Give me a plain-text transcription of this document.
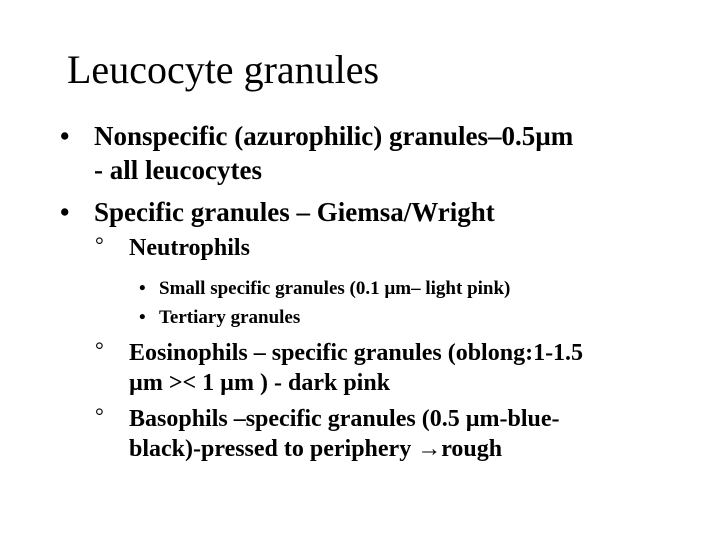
Leucocyte granules
• Nonspecific (azurophilic) granules–0.5µm
- all leucocytes
• Specific granules – Giemsa/Wright
° Neutrophils
• Small specific granules (0.1 µm– light pink)
• Tertiary granules
° Eosinophils – specific granules (oblong:1-1.5
µm >< 1 µm ) - dark pink
° Basophils –specific granules (0.5 µm-blue-
black)-pressed to periphery →rough
